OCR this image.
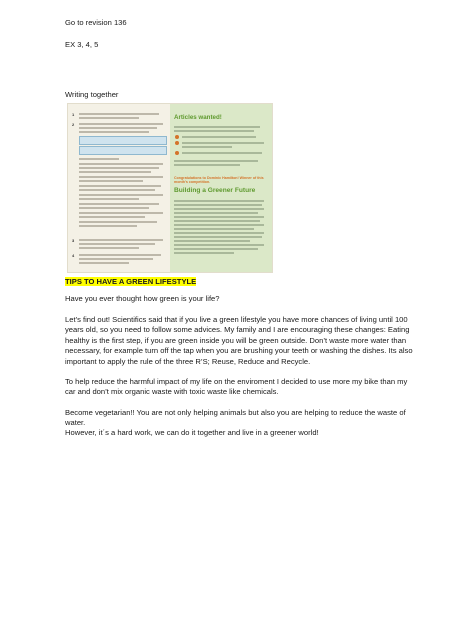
Go to revision 136
EX 3, 4, 5
Writing together
1
2
3
4
Articles wanted!
Congratulations to Dominic Hamilton! Winner of this month's competition.
Building a Greener Future
TIPS TO HAVE A GREEN LIFESTYLE
Have you ever thought how green is your life?
Let’s find out! Scientifics said that if you live a green lifestyle you have more chances of living until 100 years old, so you need to follow some advices. My family and I are encouraging these changes: Eating healthy is the first step, if you are green inside you will be green outside. Don’t waste more water than necessary, for example turn off the tap when you are brushing your teeth or washing the dishes. Its also important to apply the rule of the three R’S; Reuse, Reduce and Recycle.
To help reduce the harmful impact of my life on the enviroment I decided to use more my bike than my car and don’t mix organic waste with toxic waste like chemicals.
Become vegetarian!! You are not only helping animals but also you are helping to reduce the waste of water.
However, it´s a hard work, we can do it together and live in a greener world!
